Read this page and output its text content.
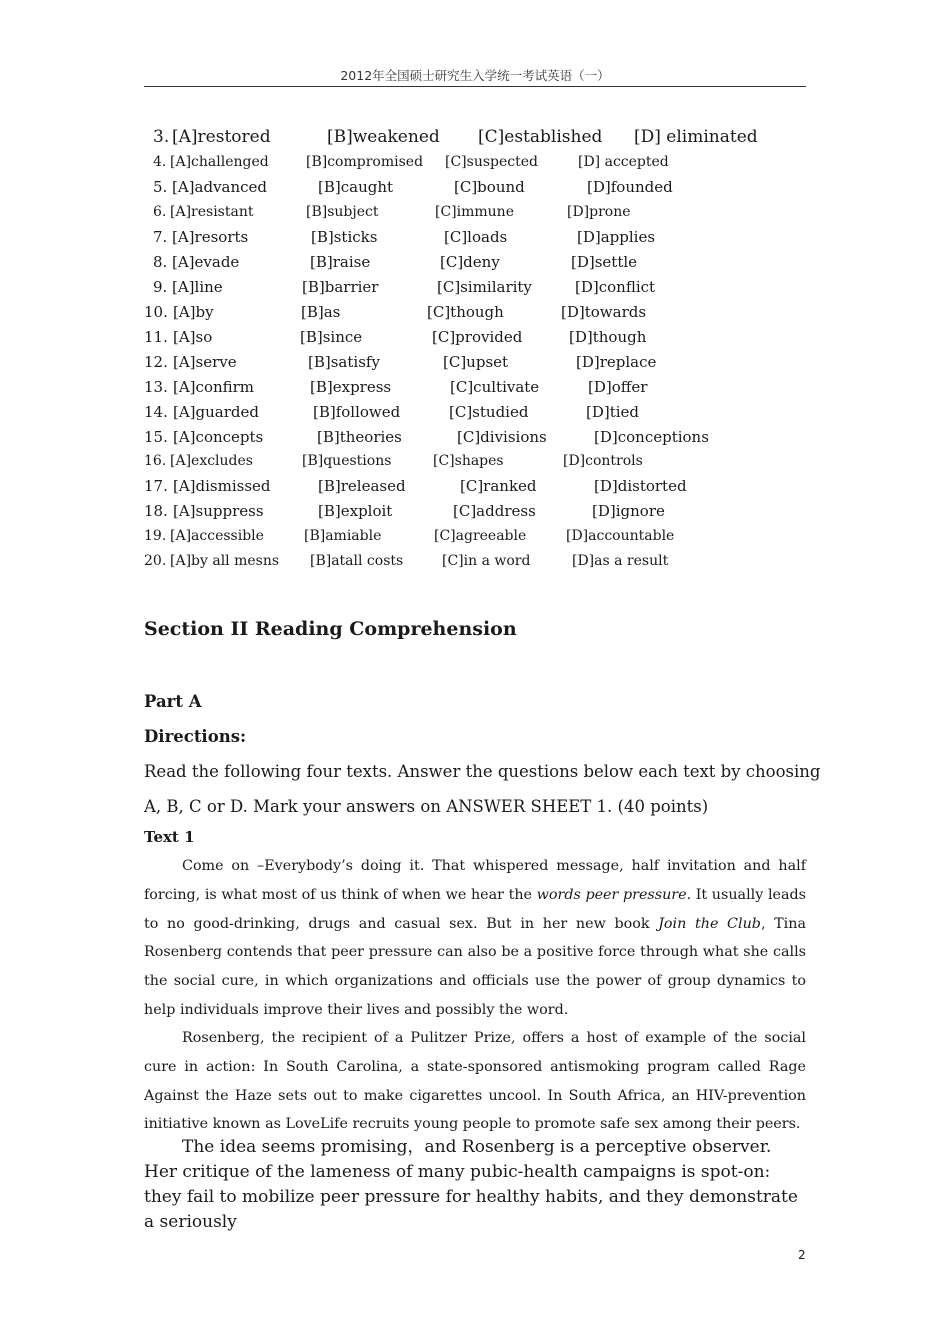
2012年全国硕士研究生入学统一考试英语（一）
3. [A]restored	[B]weakened [C]established [D] eliminated
4. [A]challenged	[B]compromised [C]suspected	[D] accepted
5. [A]advanced	[B]caught	[C]bound	[D]founded
6. [A]resistant	[B]subject	[C]immune	[D]prone
7. [A]resorts	[B]sticks	[C]loads	[D]applies
8. [A]evade	[B]raise	[C]deny	[D]settle
9. [A]line	[B]barrier	[C]similarity	[D]conflict
10. [A]by	[B]as	[C]though	[D]towards
11. [A]so	[B]since	[C]provided	[D]though
12. [A]serve	[B]satisfy	[C]upset	[D]replace
13. [A]confirm	[B]express	[C]cultivate	[D]offer
14. [A]guarded	[B]followed	[C]studied	[D]tied
15. [A]concepts	[B]theories	[C]divisions	[D]conceptions
16. [A]excludes	[B]questions	[C]shapes	[D]controls
17. [A]dismissed	[B]released	[C]ranked	[D]distorted
18. [A]suppress	[B]exploit	[C]address	[D]ignore
19. [A]accessible	[B]amiable	[C]agreeable	[D]accountable
20. [A]by all mesns [B]atall costs	[C]in a word	[D]as a result
Section II Reading Comprehension
Part A
Directions:
Read the following four texts. Answer the questions below each text by choosing
A, B, C or D. Mark your answers on ANSWER SHEET 1. (40 points)
Text 1

Come on –Everybody’s doing it. That whispered message, half invitation and half forcing, is what most of us think of when we hear the words peer pressure. It usually leads to no good-drinking, drugs and casual sex. But in her new book Join the Club, Tina Rosenberg contends that peer pressure can also be a positive force through what she calls the social cure, in which organizations and officials use the power of group dynamics to help individuals improve their lives and possibly the word.

Rosenberg, the recipient of a Pulitzer Prize, offers a host of example of the social cure in action: In South Carolina, a state-sponsored antismoking program called Rage Against the Haze sets out to make cigarettes uncool. In South Africa, an HIV-prevention initiative known as LoveLife recruits young people to promote safe sex among their peers.

The idea seems promising，and Rosenberg is a perceptive observer. Her critique of the lameness of many pubic-health campaigns is spot-on: they fail to mobilize peer pressure for healthy habits, and they demonstrate a seriously

2
